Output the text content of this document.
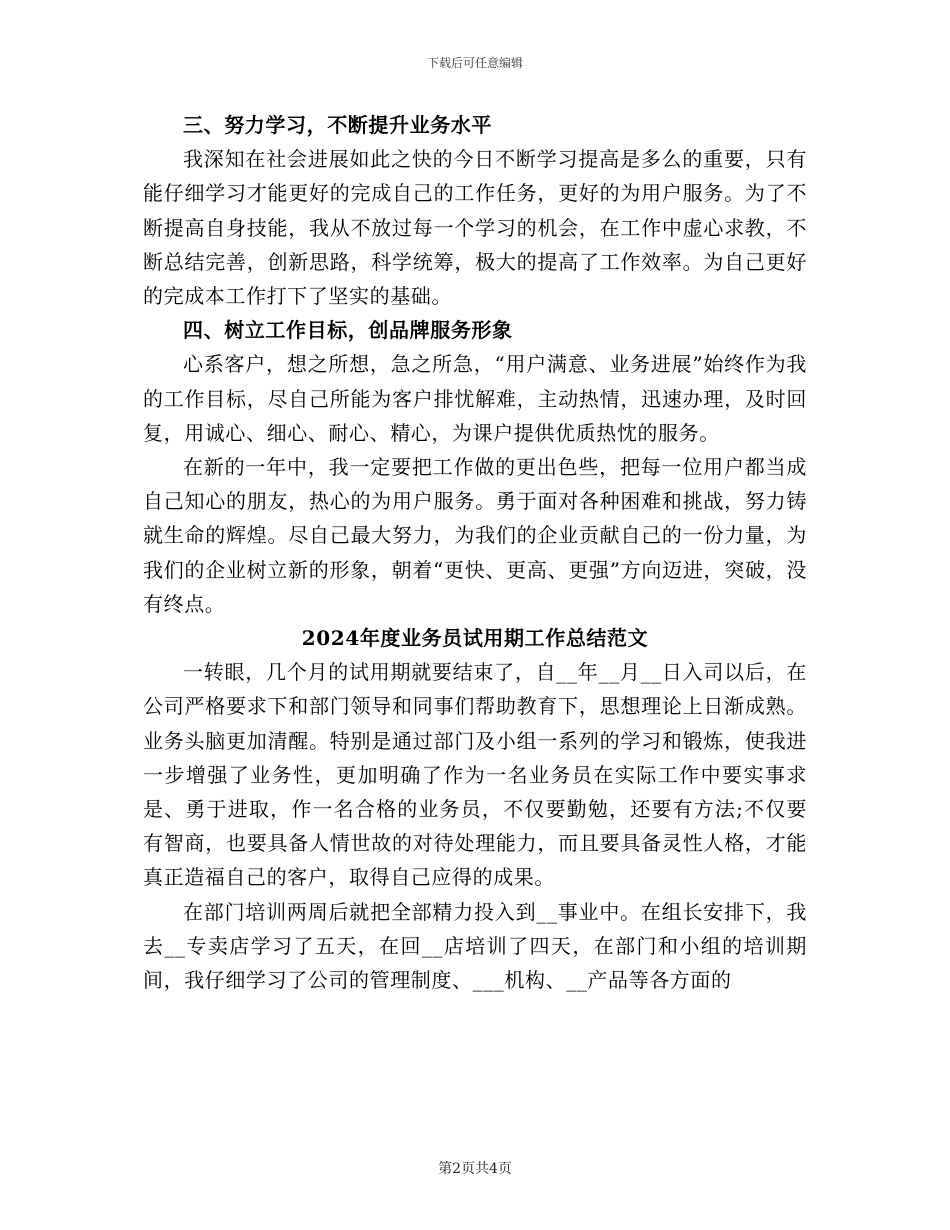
下载后可任意编辑

三、努力学习，不断提升业务水平

我深知在社会进展如此之快的今日不断学习提高是多么的重要，只有能仔细学习才能更好的完成自己的工作任务，更好的为用户服务。为了不断提高自身技能，我从不放过每一个学习的机会，在工作中虚心求教，不断总结完善，创新思路，科学统筹，极大的提高了工作效率。为自己更好的完成本工作打下了坚实的基础。

四、树立工作目标，创品牌服务形象

心系客户，想之所想，急之所急，“用户满意、业务进展”始终作为我的工作目标，尽自己所能为客户排忧解难，主动热情，迅速办理，及时回复，用诚心、细心、耐心、精心，为课户提供优质热忱的服务。

在新的一年中，我一定要把工作做的更出色些，把每一位用户都当成自己知心的朋友，热心的为用户服务。勇于面对各种困难和挑战，努力铸就生命的辉煌。尽自己最大努力，为我们的企业贡献自己的一份力量，为我们的企业树立新的形象，朝着“更快、更高、更强”方向迈进，突破，没有终点。

2024年度业务员试用期工作总结范文

一转眼，几个月的试用期就要结束了，自__年__月__日入司以后，在公司严格要求下和部门领导和同事们帮助教育下，思想理论上日渐成熟。业务头脑更加清醒。特别是通过部门及小组一系列的学习和锻炼，使我进一步增强了业务性，更加明确了作为一名业务员在实际工作中要实事求是、勇于进取，作一名合格的业务员，不仅要勤勉，还要有方法;不仅要有智商，也要具备人情世故的对待处理能力，而且要具备灵性人格，才能真正造福自己的客户，取得自己应得的成果。

在部门培训两周后就把全部精力投入到__事业中。在组长安排下，我去__专卖店学习了五天，在回__店培训了四天，在部门和小组的培训期间，我仔细学习了公司的管理制度、___机构、__产品等各方面的

第2页共4页
